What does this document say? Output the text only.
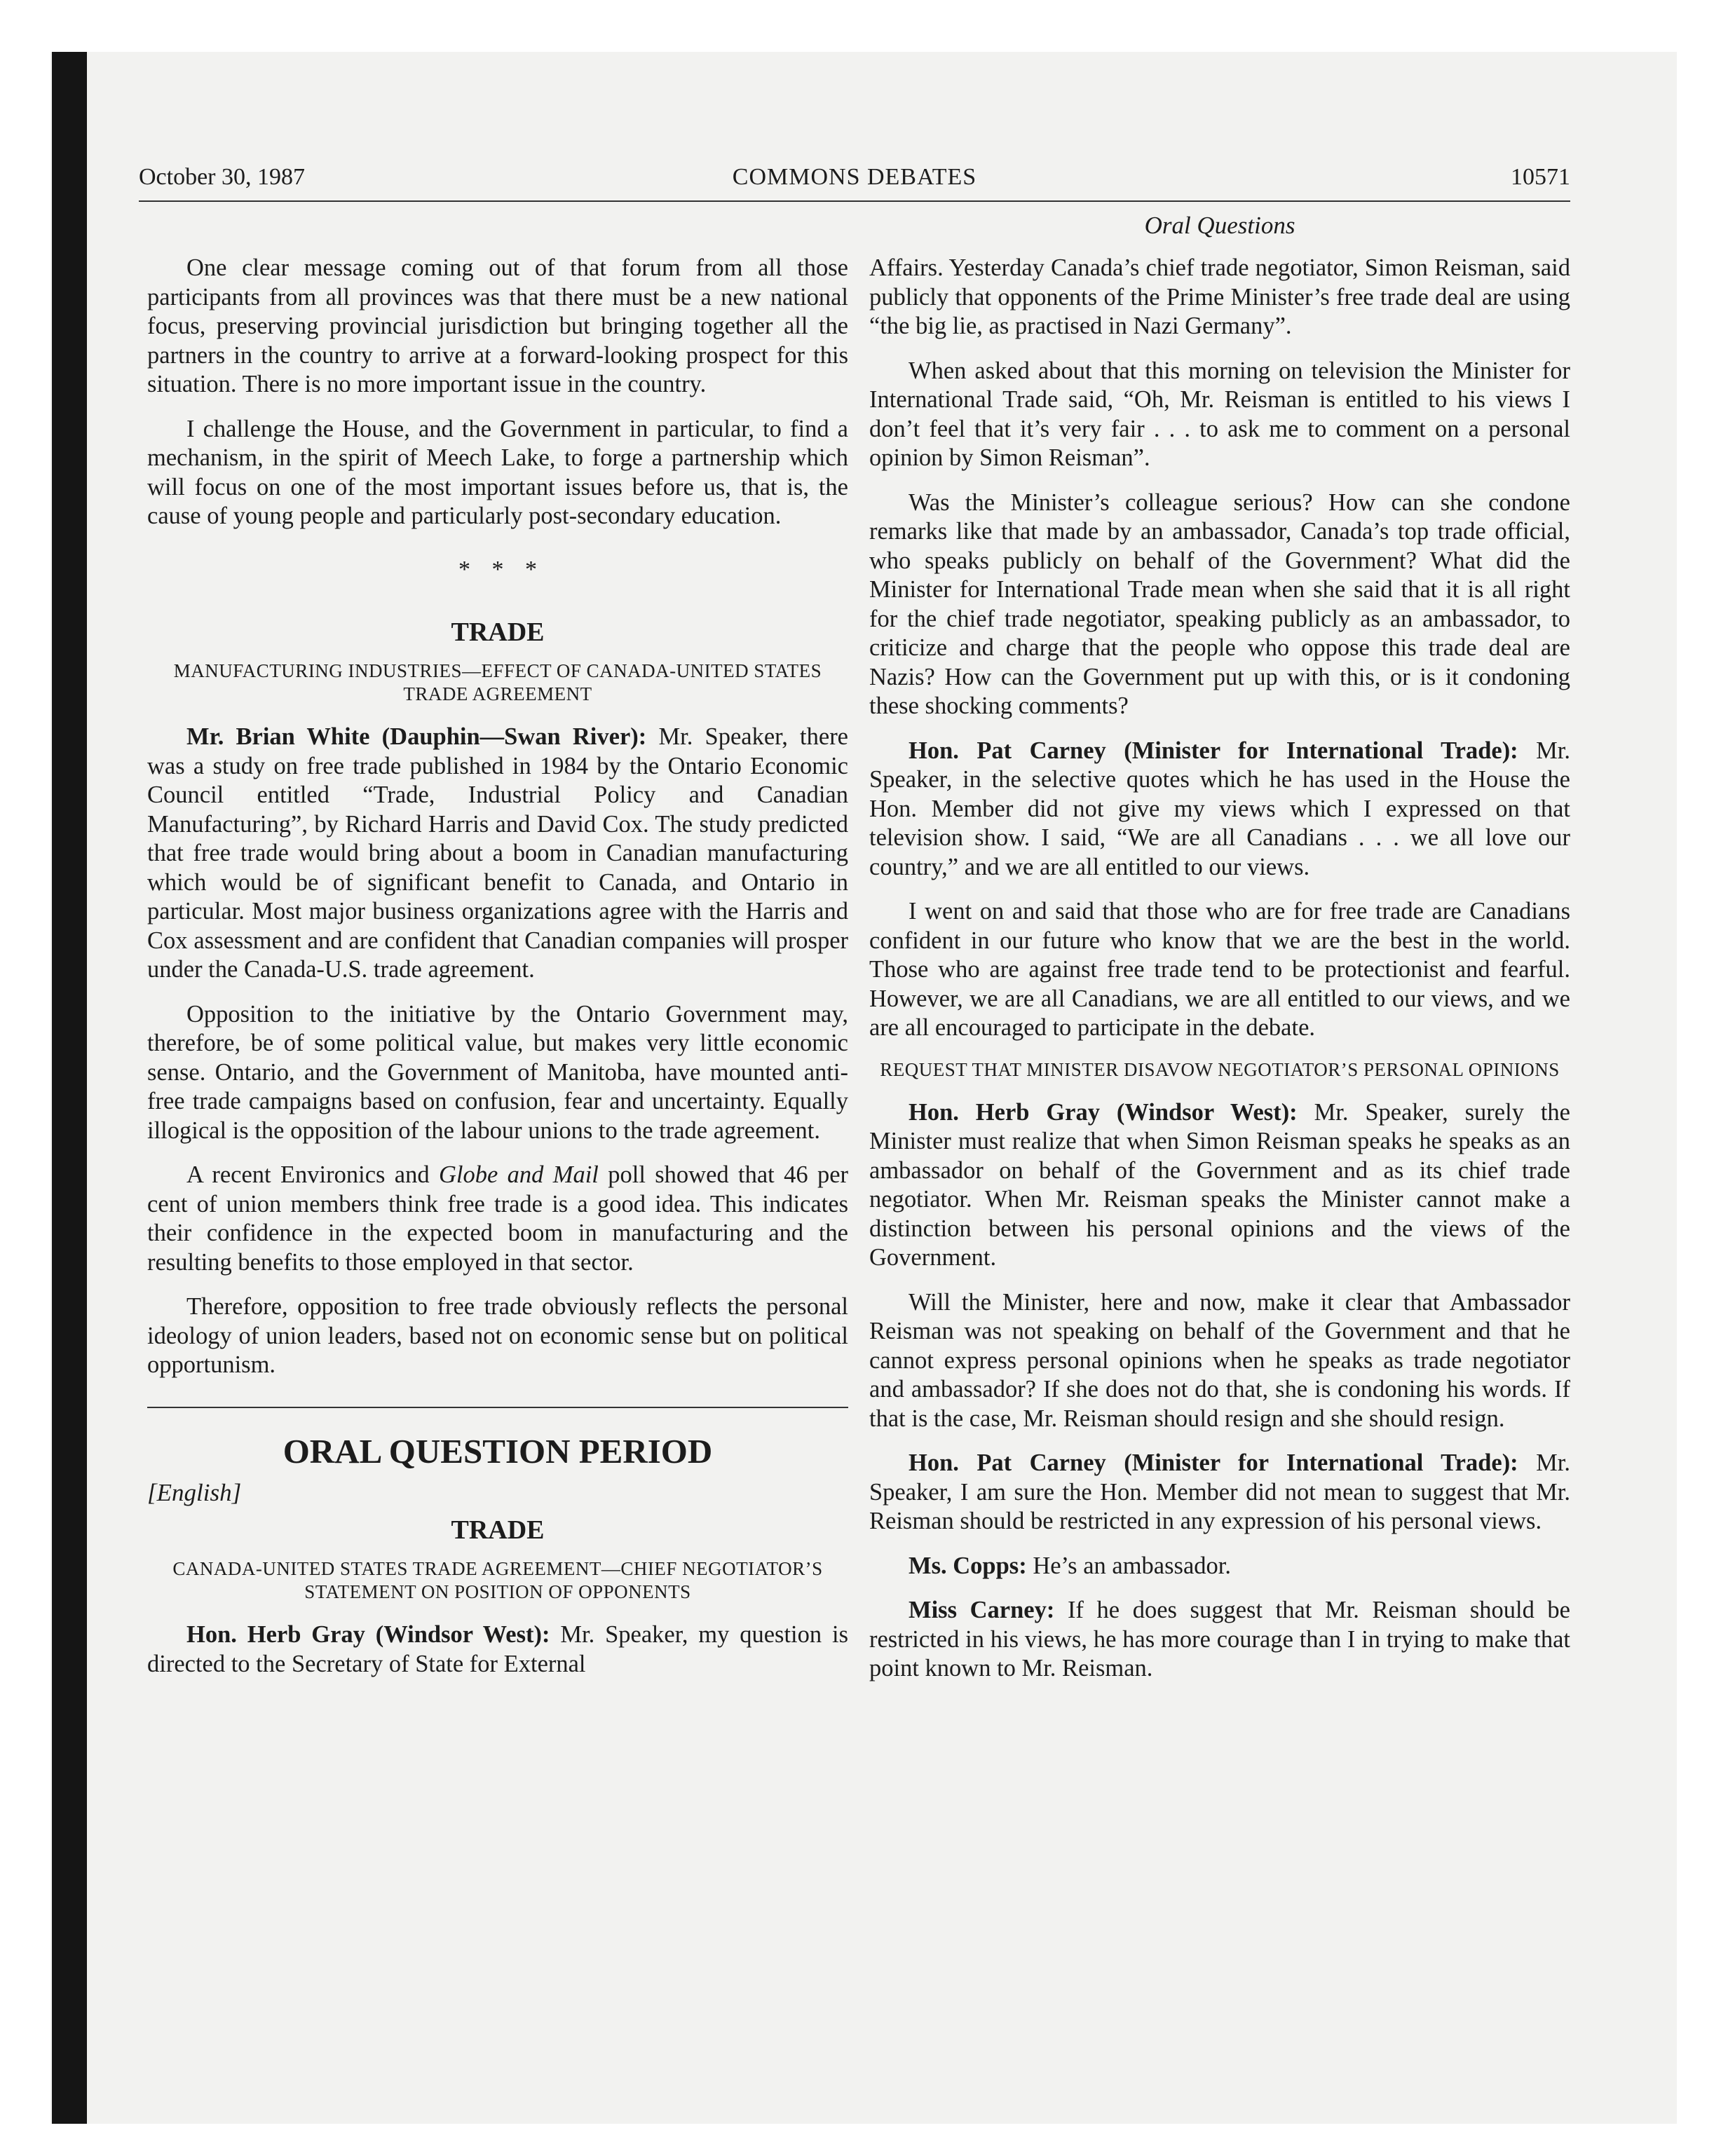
October 30, 1987	COMMONS DEBATES	10571
Oral Questions

One clear message coming out of that forum from all those participants from all provinces was that there must be a new national focus, preserving provincial jurisdiction but bringing together all the partners in the country to arrive at a forward-looking prospect for this situation. There is no more important issue in the country.

I challenge the House, and the Government in particular, to find a mechanism, in the spirit of Meech Lake, to forge a partnership which will focus on one of the most important issues before us, that is, the cause of young people and particularly post-secondary education.

* * *
TRADE
MANUFACTURING INDUSTRIES—EFFECT OF CANADA-UNITED STATES TRADE AGREEMENT

Mr. Brian White (Dauphin—Swan River): Mr. Speaker, there was a study on free trade published in 1984 by the Ontario Economic Council entitled “Trade, Industrial Policy and Canadian Manufacturing”, by Richard Harris and David Cox. The study predicted that free trade would bring about a boom in Canadian manufacturing which would be of significant benefit to Canada, and Ontario in particular. Most major business organizations agree with the Harris and Cox assessment and are confident that Canadian companies will prosper under the Canada-U.S. trade agreement.

Opposition to the initiative by the Ontario Government may, therefore, be of some political value, but makes very little economic sense. Ontario, and the Government of Manitoba, have mounted anti-free trade campaigns based on confusion, fear and uncertainty. Equally illogical is the opposition of the labour unions to the trade agreement.

A recent Environics and Globe and Mail poll showed that 46 per cent of union members think free trade is a good idea. This indicates their confidence in the expected boom in manufacturing and the resulting benefits to those employed in that sector.

Therefore, opposition to free trade obviously reflects the personal ideology of union leaders, based not on economic sense but on political opportunism.

ORAL QUESTION PERIOD
[English]
TRADE
CANADA-UNITED STATES TRADE AGREEMENT—CHIEF NEGOTIATOR’S STATEMENT ON POSITION OF OPPONENTS

Hon. Herb Gray (Windsor West): Mr. Speaker, my question is directed to the Secretary of State for External

Affairs. Yesterday Canada’s chief trade negotiator, Simon Reisman, said publicly that opponents of the Prime Minister’s free trade deal are using “the big lie, as practised in Nazi Germany”.

When asked about that this morning on television the Minister for International Trade said, “Oh, Mr. Reisman is entitled to his views I don’t feel that it’s very fair . . . to ask me to comment on a personal opinion by Simon Reisman”.

Was the Minister’s colleague serious? How can she condone remarks like that made by an ambassador, Canada’s top trade official, who speaks publicly on behalf of the Government? What did the Minister for International Trade mean when she said that it is all right for the chief trade negotiator, speaking publicly as an ambassador, to criticize and charge that the people who oppose this trade deal are Nazis? How can the Government put up with this, or is it condoning these shocking comments?

Hon. Pat Carney (Minister for International Trade): Mr. Speaker, in the selective quotes which he has used in the House the Hon. Member did not give my views which I expressed on that television show. I said, “We are all Canadians . . . we all love our country,” and we are all entitled to our views.

I went on and said that those who are for free trade are Canadians confident in our future who know that we are the best in the world. Those who are against free trade tend to be protectionist and fearful. However, we are all Canadians, we are all entitled to our views, and we are all encouraged to participate in the debate.

REQUEST THAT MINISTER DISAVOW NEGOTIATOR’S PERSONAL OPINIONS

Hon. Herb Gray (Windsor West): Mr. Speaker, surely the Minister must realize that when Simon Reisman speaks he speaks as an ambassador on behalf of the Government and as its chief trade negotiator. When Mr. Reisman speaks the Minister cannot make a distinction between his personal opinions and the views of the Government.

Will the Minister, here and now, make it clear that Ambassador Reisman was not speaking on behalf of the Government and that he cannot express personal opinions when he speaks as trade negotiator and ambassador? If she does not do that, she is condoning his words. If that is the case, Mr. Reisman should resign and she should resign.

Hon. Pat Carney (Minister for International Trade): Mr. Speaker, I am sure the Hon. Member did not mean to suggest that Mr. Reisman should be restricted in any expression of his personal views.

Ms. Copps: He’s an ambassador.

Miss Carney: If he does suggest that Mr. Reisman should be restricted in his views, he has more courage than I in trying to make that point known to Mr. Reisman.
